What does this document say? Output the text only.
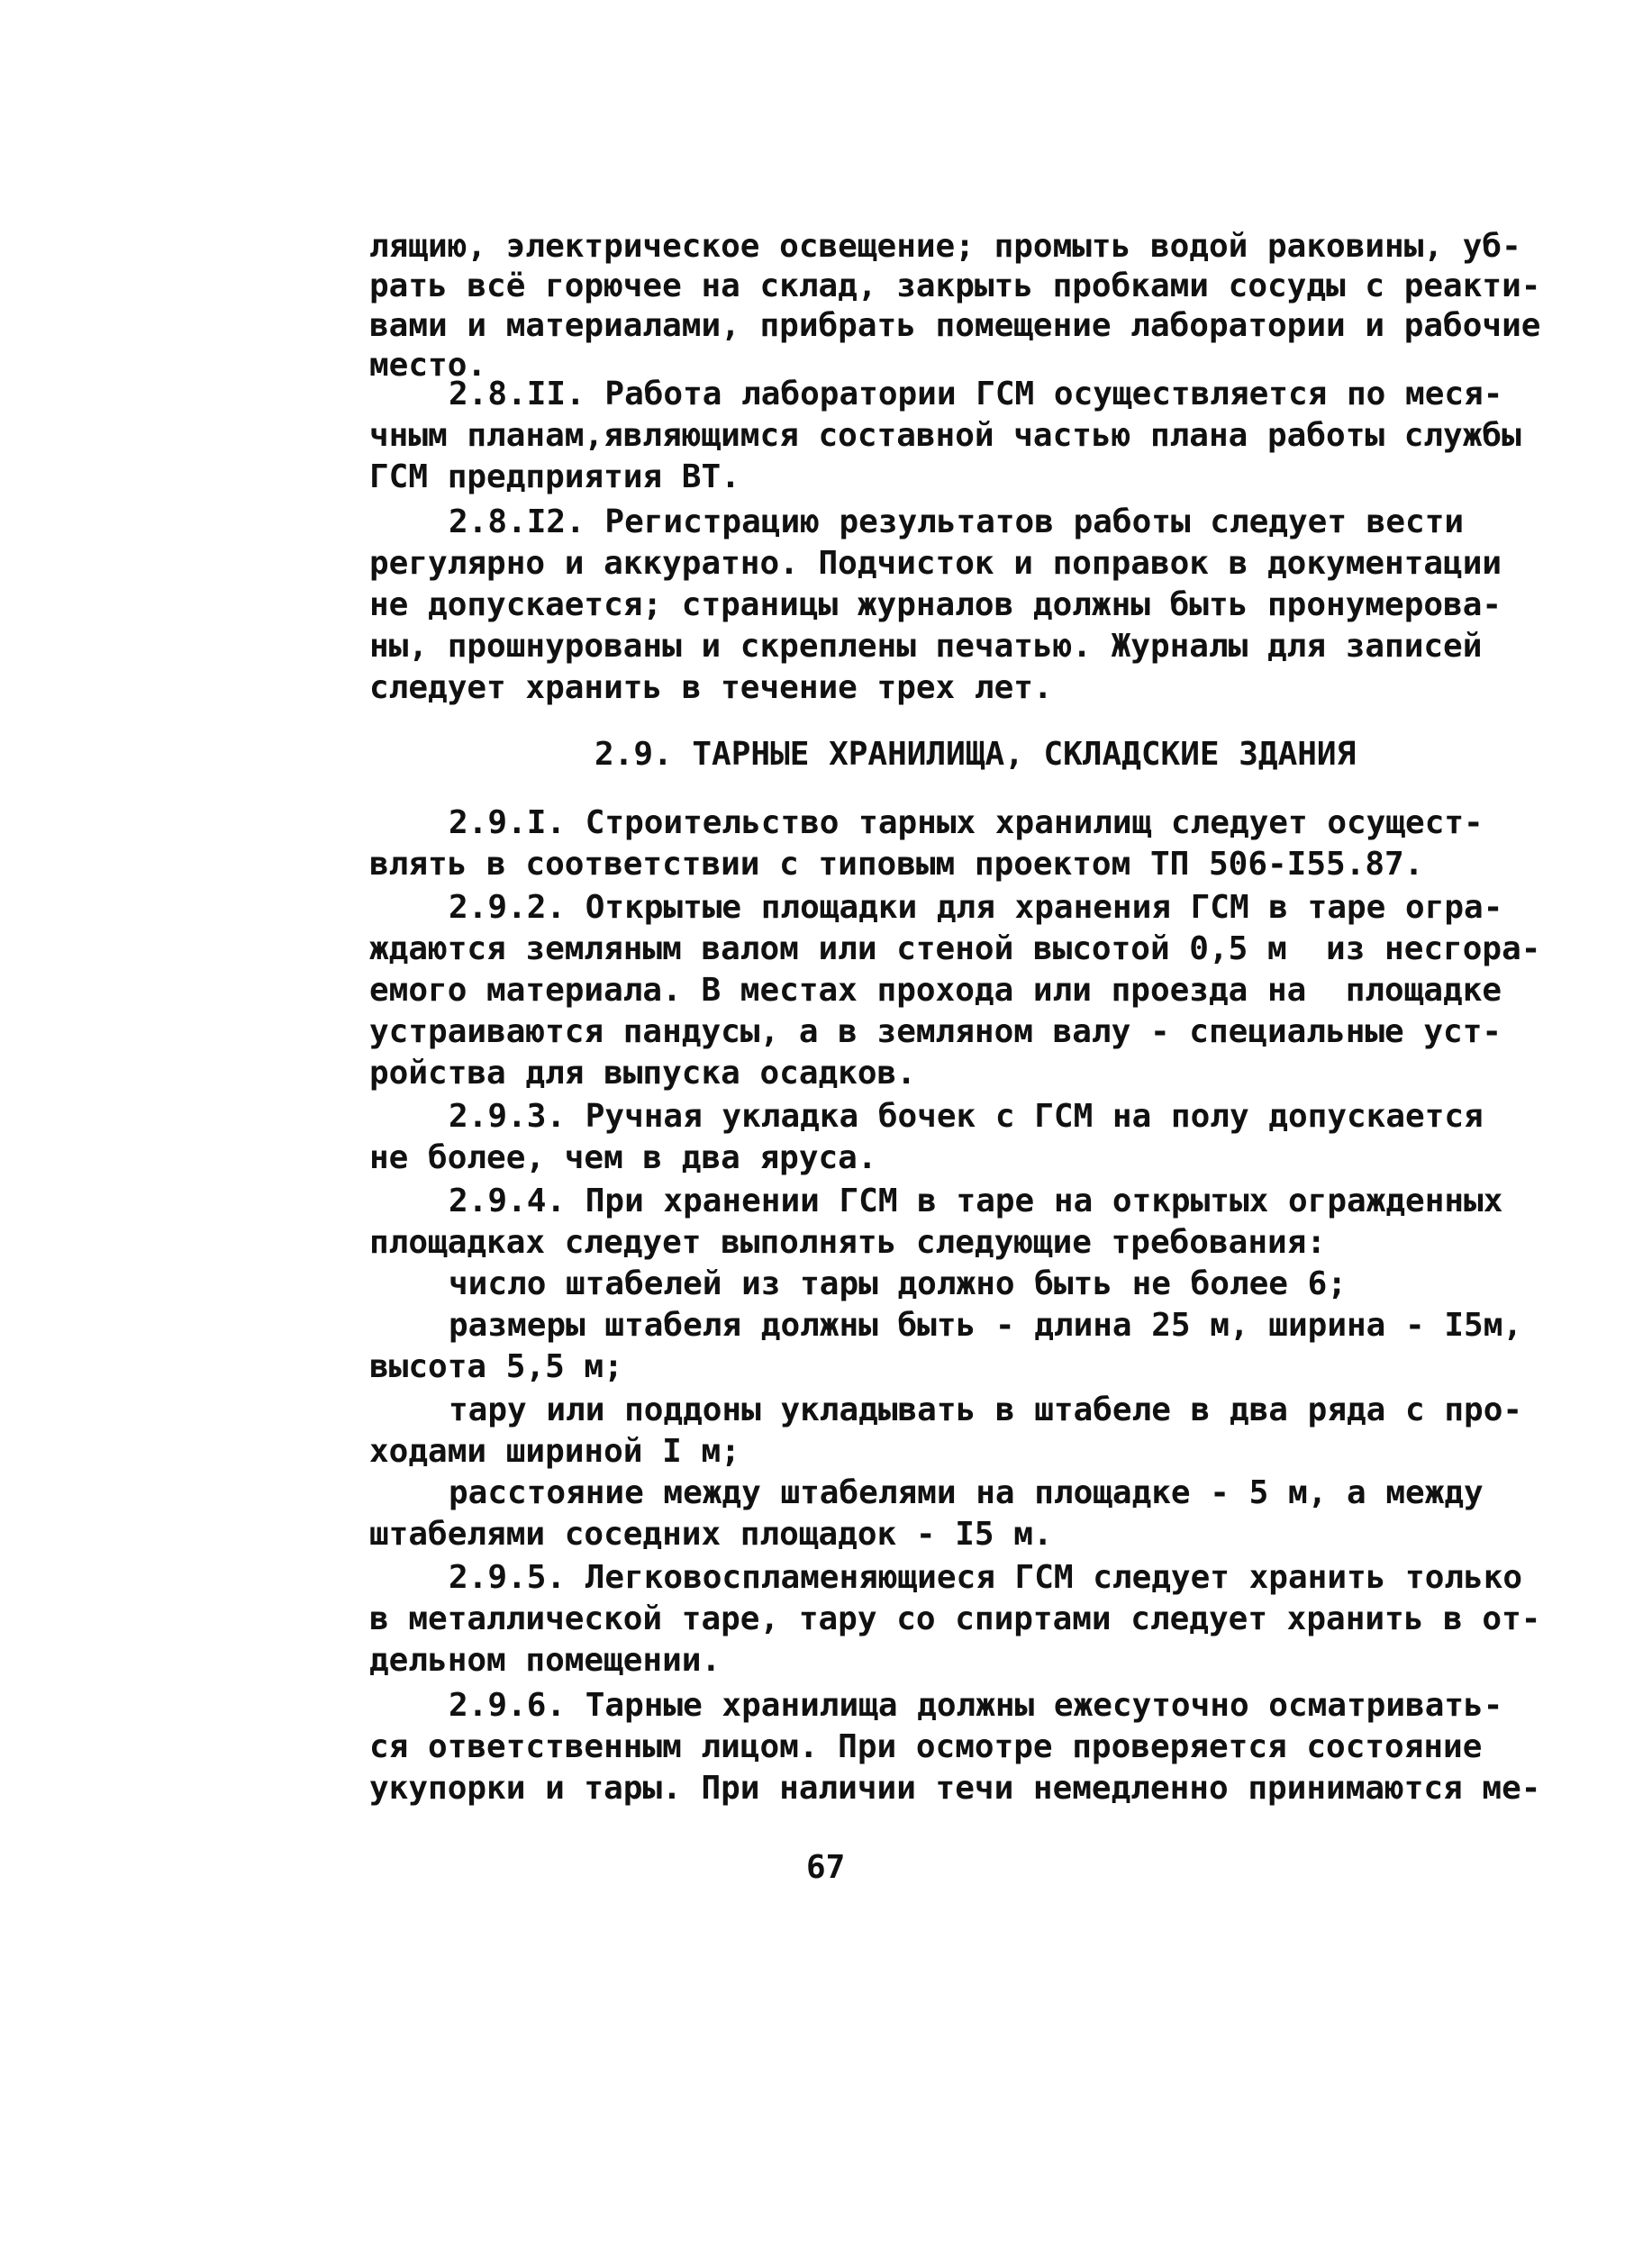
лящию, электрическое освещение; промыть водой раковины, уб-
рать всё горючее на склад, закрыть пробками сосуды с реакти-
вами и материалами, прибрать помещение лаборатории и рабочие
место.
2.8.II. Работа лаборатории ГСМ осуществляется по меся-
чным планам,являющимся составной частью плана работы службы
ГСМ предприятия ВТ.
2.8.I2. Регистрацию результатов работы следует вести
регулярно и аккуратно. Подчисток и поправок в документации
не допускается; страницы журналов должны быть пронумерова-
ны, прошнурованы и скреплены печатью. Журналы для записей
следует хранить в течение трех лет.
2.9. ТАРНЫЕ ХРАНИЛИЩА, СКЛАДСКИЕ ЗДАНИЯ
2.9.I. Строительство тарных хранилищ следует осущест-
влять в соответствии с типовым проектом ТП 506-I55.87.
2.9.2. Открытые площадки для хранения ГСМ в таре огра-
ждаются земляным валом или стеной высотой 0,5 м  из несгора-
емого материала. В местах прохода или проезда на  площадке
устраиваются пандусы, а в земляном валу - специальные уст-
ройства для выпуска осадков.
2.9.3. Ручная укладка бочек с ГСМ на полу допускается
не более, чем в два яруса.
2.9.4. При хранении ГСМ в таре на открытых огражденных
площадках следует выполнять следующие требования:
число штабелей из тары должно быть не более 6;
размеры штабеля должны быть - длина 25 м, ширина - I5м,
высота 5,5 м;
тару или поддоны укладывать в штабеле в два ряда с про-
ходами шириной I м;
расстояние между штабелями на площадке - 5 м, а между
штабелями соседних площадок - I5 м.
2.9.5. Легковоспламеняющиеся ГСМ следует хранить только
в металлической таре, тару со спиртами следует хранить в от-
дельном помещении.
2.9.6. Тарные хранилища должны ежесуточно осматривать-
ся ответственным лицом. При осмотре проверяется состояние
укупорки и тары. При наличии течи немедленно принимаются ме-
67
